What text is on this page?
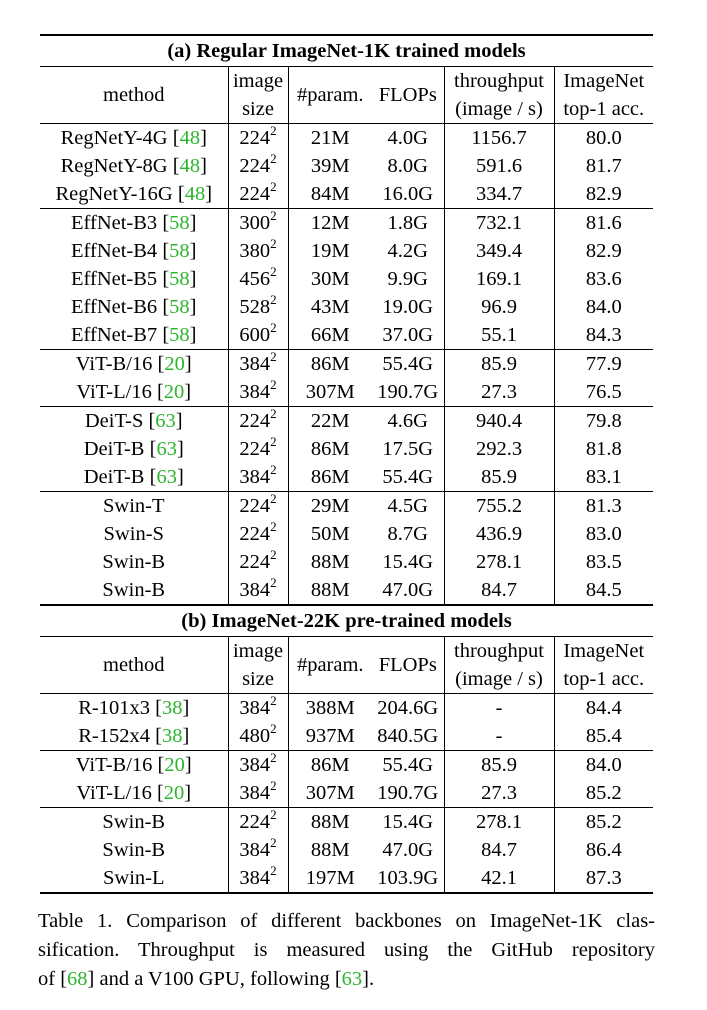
(a) Regular ImageNet-1K trained models					
method	image	#param.	FLOPs	throughput	ImageNet
	size			(image / s)	top-1 acc.
RegNetY-4G [48]	$224^2$	21M	4.0G	1156.7	80.0
RegNetY-8G [48]	$224^2$	39M	8.0G	591.6	81.7
RegNetY-16G [48]	$224^2$	84M	16.0G	334.7	82.9
EffNet-B3 [58]	$300^2$	12M	1.8G	732.1	81.6
EffNet-B4 [58]	$380^2$	19M	4.2G	349.4	82.9
EffNet-B5 [58]	$456^2$	30M	9.9G	169.1	83.6
EffNet-B6 [58]	$528^2$	43M	19.0G	96.9	84.0
EffNet-B7 [58]	$600^2$	66M	37.0G	55.1	84.3
ViT-B/16 [20]	$384^2$	86M	55.4G	85.9	77.9
ViT-L/16 [20]	$384^2$	307M	190.7G	27.3	76.5
DeiT-S [63]	$224^2$	22M	4.6G	940.4	79.8
DeiT-B [63]	$224^2$	86M	17.5G	292.3	81.8
DeiT-B [63]	$384^2$	86M	55.4G	85.9	83.1
Swin-T	$224^2$	29M	4.5G	755.2	81.3
Swin-S	$224^2$	50M	8.7G	436.9	83.0
Swin-B	$224^2$	88M	15.4G	278.1	83.5
Swin-B	$384^2$	88M	47.0G	84.7	84.5
(b) ImageNet-22K pre-trained models					
method	image	#param.	FLOPs	throughput	ImageNet
	size			(image / s)	top-1 acc.
R-101x3 [38]	$384^2$	388M	204.6G	-	84.4
R-152x4 [38]	$480^2$	937M	840.5G	-	85.4
ViT-B/16 [20]	$384^2$	86M	55.4G	85.9	84.0
ViT-L/16 [20]	$384^2$	307M	190.7G	27.3	85.2
Swin-B	$224^2$	88M	15.4G	278.1	85.2
Swin-B	$384^2$	88M	47.0G	84.7	86.4
Swin-L	$384^2$	197M	103.9G	42.1	87.3
Table 1. Comparison of different backbones on ImageNet-1K clas-
sification. Throughput is measured using the GitHub repository
of [68] and a V100 GPU, following [63].
